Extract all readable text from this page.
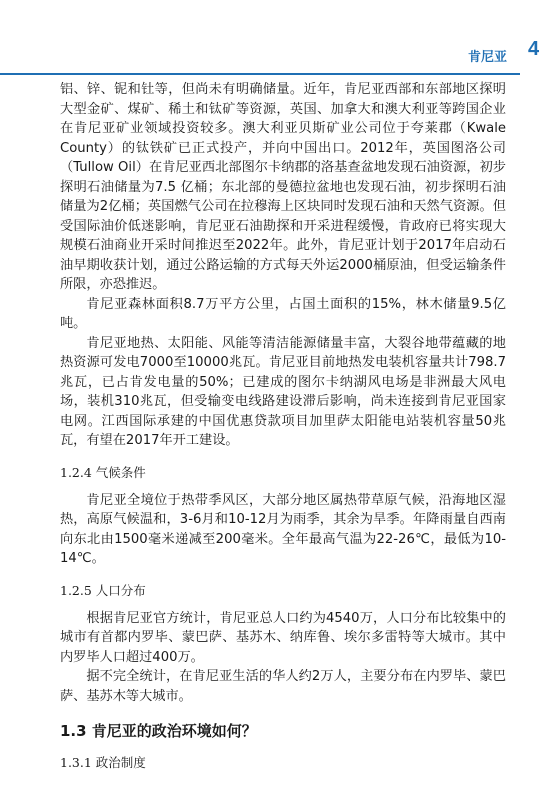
肯尼亚 4

铝、锌、铌和钍等，但尚未有明确储量。近年，肯尼亚西部和东部地区探明大型金矿、煤矿、稀土和钛矿等资源，英国、加拿大和澳大利亚等跨国企业在肯尼亚矿业领域投资较多。澳大利亚贝斯矿业公司位于夸莱郡（Kwale County）的钛铁矿已正式投产，并向中国出口。2012年，英国图洛公司（Tullow Oil）在肯尼亚西北部图尔卡纳郡的洛基查盆地发现石油资源，初步探明石油储量为7.5 亿桶；东北部的曼德拉盆地也发现石油，初步探明石油储量为2亿桶；英国燃气公司在拉穆海上区块同时发现石油和天然气资源。但受国际油价低迷影响，肯尼亚石油勘探和开采进程缓慢，肯政府已将实现大规模石油商业开采时间推迟至2022年。此外，肯尼亚计划于2017年启动石油早期收获计划，通过公路运输的方式每天外运2000桶原油，但受运输条件所限，亦恐推迟。

肯尼亚森林面积8.7万平方公里，占国土面积的15%，林木储量9.5亿吨。

肯尼亚地热、太阳能、风能等清洁能源储量丰富，大裂谷地带蕴藏的地热资源可发电7000至10000兆瓦。肯尼亚目前地热发电装机容量共计798.7兆瓦，已占肯发电量的50%；已建成的图尔卡纳湖风电场是非洲最大风电场，装机310兆瓦，但受输变电线路建设滞后影响，尚未连接到肯尼亚国家电网。江西国际承建的中国优惠贷款项目加里萨太阳能电站装机容量50兆瓦，有望在2017年开工建设。

1.2.4 气候条件

肯尼亚全境位于热带季风区，大部分地区属热带草原气候，沿海地区湿热，高原气候温和，3-6月和10-12月为雨季，其余为旱季。年降雨量自西南向东北由1500毫米递减至200毫米。全年最高气温为22-26℃，最低为10-14℃。

1.2.5 人口分布

根据肯尼亚官方统计，肯尼亚总人口约为4540万，人口分布比较集中的城市有首都内罗毕、蒙巴萨、基苏木、纳库鲁、埃尔多雷特等大城市。其中内罗毕人口超过400万。

据不完全统计，在肯尼亚生活的华人约2万人，主要分布在内罗毕、蒙巴萨、基苏木等大城市。

1.3 肯尼亚的政治环境如何？
1.3.1 政治制度
